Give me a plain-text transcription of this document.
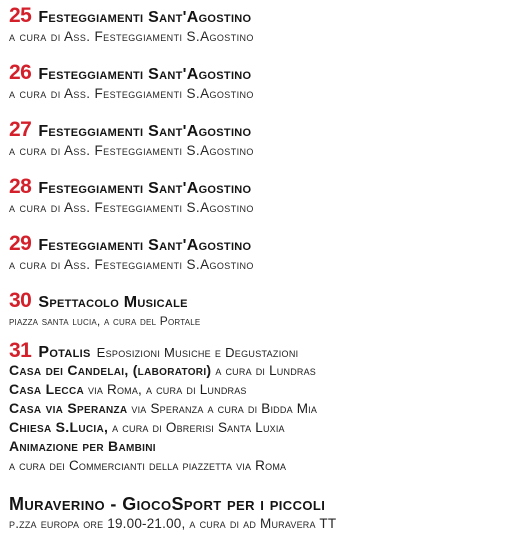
25 Festeggiamenti Sant'Agostino
a cura di Ass. Festeggiamenti S.Agostino
26 Festeggiamenti Sant'Agostino
a cura di Ass. Festeggiamenti S.Agostino
27 Festeggiamenti Sant'Agostino
a cura di Ass. Festeggiamenti S.Agostino
28 Festeggiamenti Sant'Agostino
a cura di Ass. Festeggiamenti S.Agostino
29 Festeggiamenti Sant'Agostino
a cura di Ass. Festeggiamenti S.Agostino
30 Spettacolo Musicale
piazza santa lucia, a cura del Portale
31 Potalis Esposizioni Musiche e Degustazioni
Casa dei Candelai, (laboratori) a cura di Lundras
Casa Lecca via Roma, a cura di Lundras
Casa via Speranza via Speranza a cura di Bidda Mia
Chiesa S.Lucia, a cura di Obrerisi Santa Luxia
Animazione per Bambini
a cura dei Commercianti della piazzetta via Roma
Muraverino - GiocoSport per i piccoli
p.zza europa ore 19.00-21.00, a cura di ad Muravera TT
